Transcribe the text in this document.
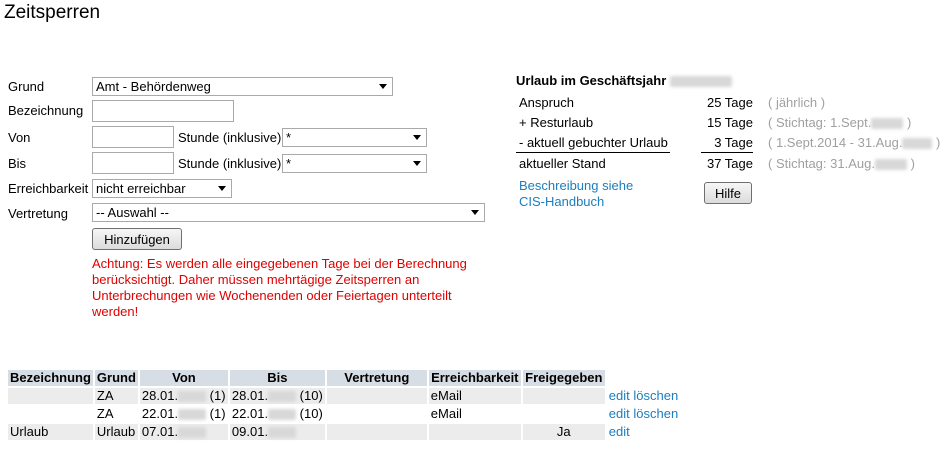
Zeitsperren
Grund	Amt - Behördenweg
Bezeichnung
Von	Stunde (inklusive) *
Bis	Stunde (inklusive) *
Erreichbarkeit nicht erreichbar
Vertretung	-- Auswahl --
Hinzufügen
Achtung: Es werden alle eingegebenen Tage bei der Berechnung berücksichtigt. Daher müssen mehrtägige Zeitsperren an Unterbrechungen wie Wochenenden oder Feiertagen unterteilt werden!
Urlaub im Geschäftsjahr
Anspruch	25 Tage ( jährlich )
+ Resturlaub	15 Tage ( Stichtag: 1.Sept. )
- aktuell gebuchter Urlaub	3 Tage ( 1.Sept.2014 - 31.Aug. )
aktueller Stand	37 Tage ( Stichtag: 31.Aug. )
Beschreibung siehe CIS-Handbuch
Hilfe
Bezeichnung	Grund	Von	Bis	Vertretung	Erreichbarkeit	Freigegeben	
	ZA	28.01. (1)	28.01. (10)		eMail		edit löschen
	ZA	22.01. (1)	22.01. (10)		eMail		edit löschen
Urlaub	Urlaub	07.01.	09.01.			Ja	edit
